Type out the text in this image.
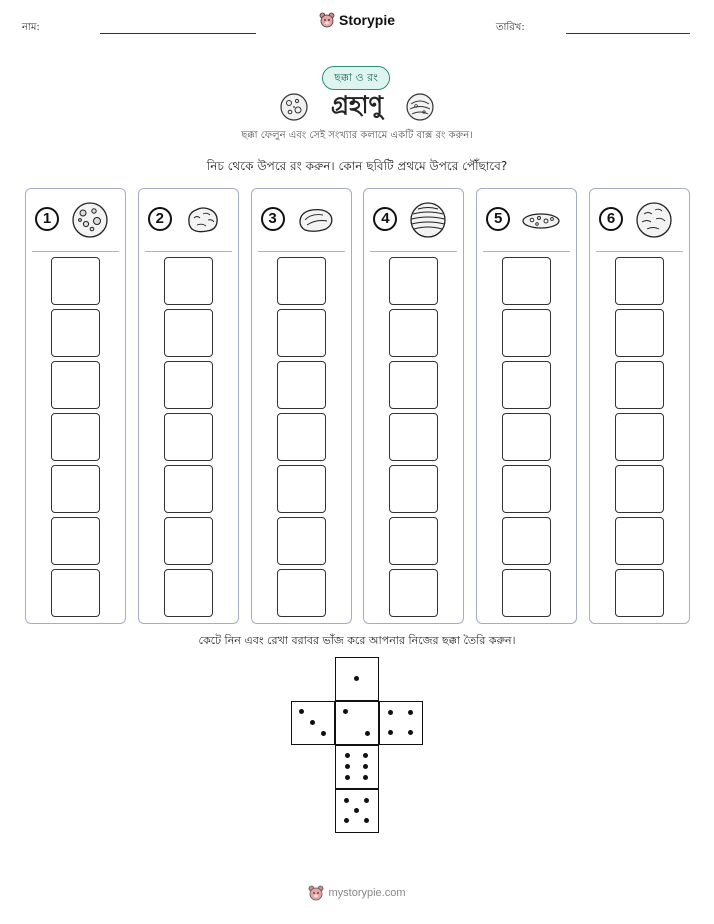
নাম:	Storypie	তারিখ:
ছক্কা ও রং
গ্রহাণু
ছক্কা ফেলুন এবং সেই সংখ্যার কলামে একটি বাক্স রং করুন।
নিচ থেকে উপরে রং করুন। কোন ছবিটি প্রথমে উপরে পৌঁছাবে?
1	2	3	4	5	6
কেটে নিন এবং রেখা বরাবর ভাঁজ করে আপনার নিজের ছক্কা তৈরি করুন।
mystorypie.com
